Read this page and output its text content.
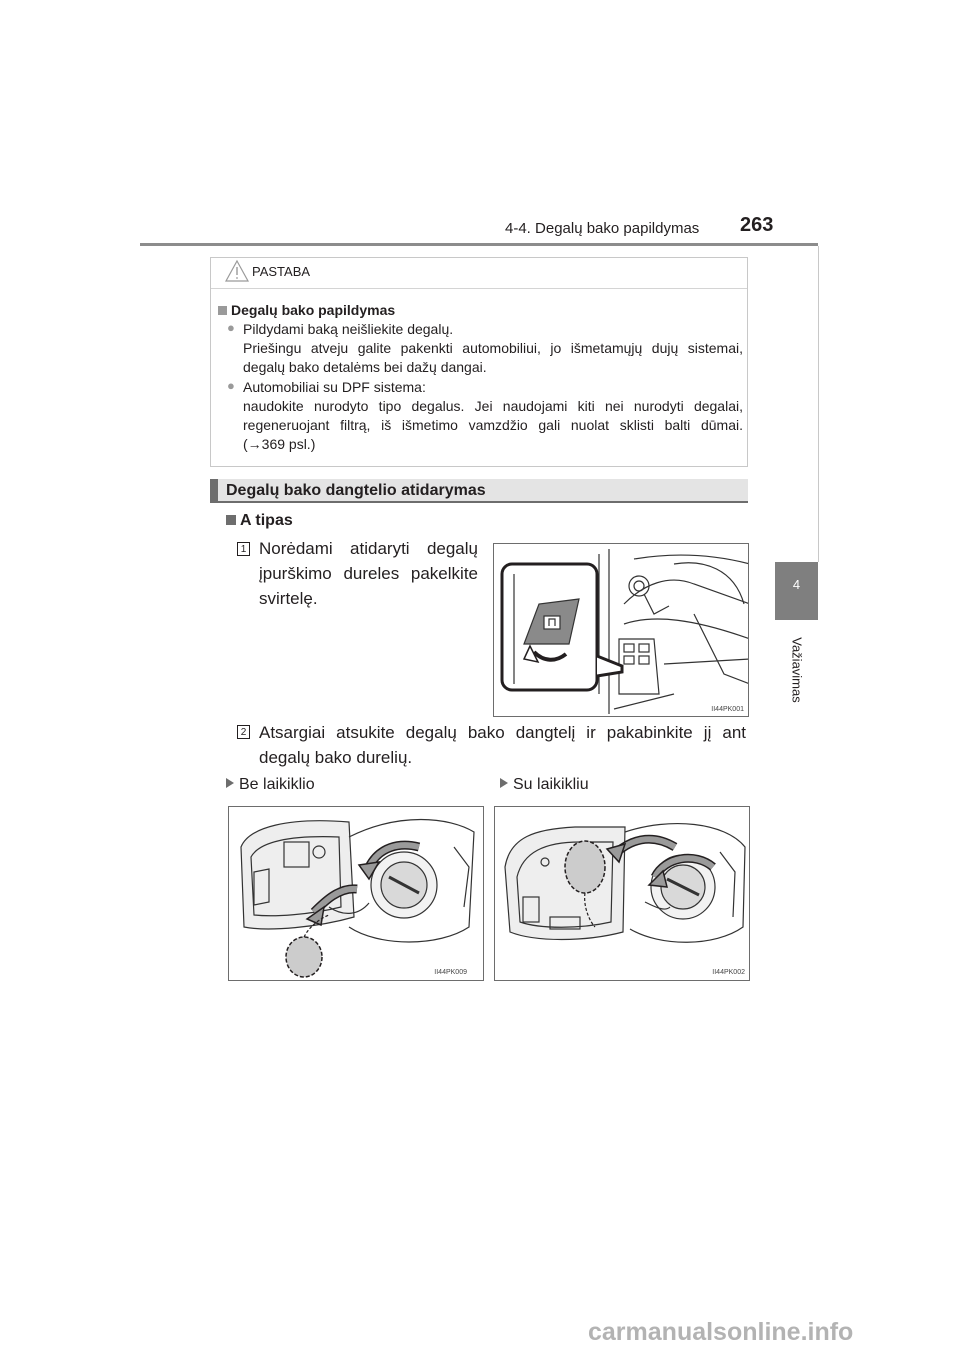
4-4. Degalų bako papildymas 263
4
Važiavimas
PASTABA
Degalų bako papildymas
● Pildydami baką neišliekite degalų.
Priešingu atveju galite pakenkti automobiliui, jo išmetamųjų dujų sistemai,
degalų bako detalėms bei dažų dangai.
● Automobiliai su DPF sistema:
naudokite nurodyto tipo degalus. Jei naudojami kiti nei nurodyti degalai,
regeneruojant filtrą, iš išmetimo vamzdžio gali nuolat sklisti balti dūmai.
(→369 psl.)
Degalų bako dangtelio atidarymas
A tipas
1 Norėdami atidaryti degalų
įpurškimo dureles pakelkite
svirtelę.
II44PK001
2 Atsargiai atsukite degalų bako dangtelį ir pakabinkite jį ant
degalų bako durelių.
Be laikiklio	Su laikikliu
II44PK009	II44PK002
carmanualsonline.info
